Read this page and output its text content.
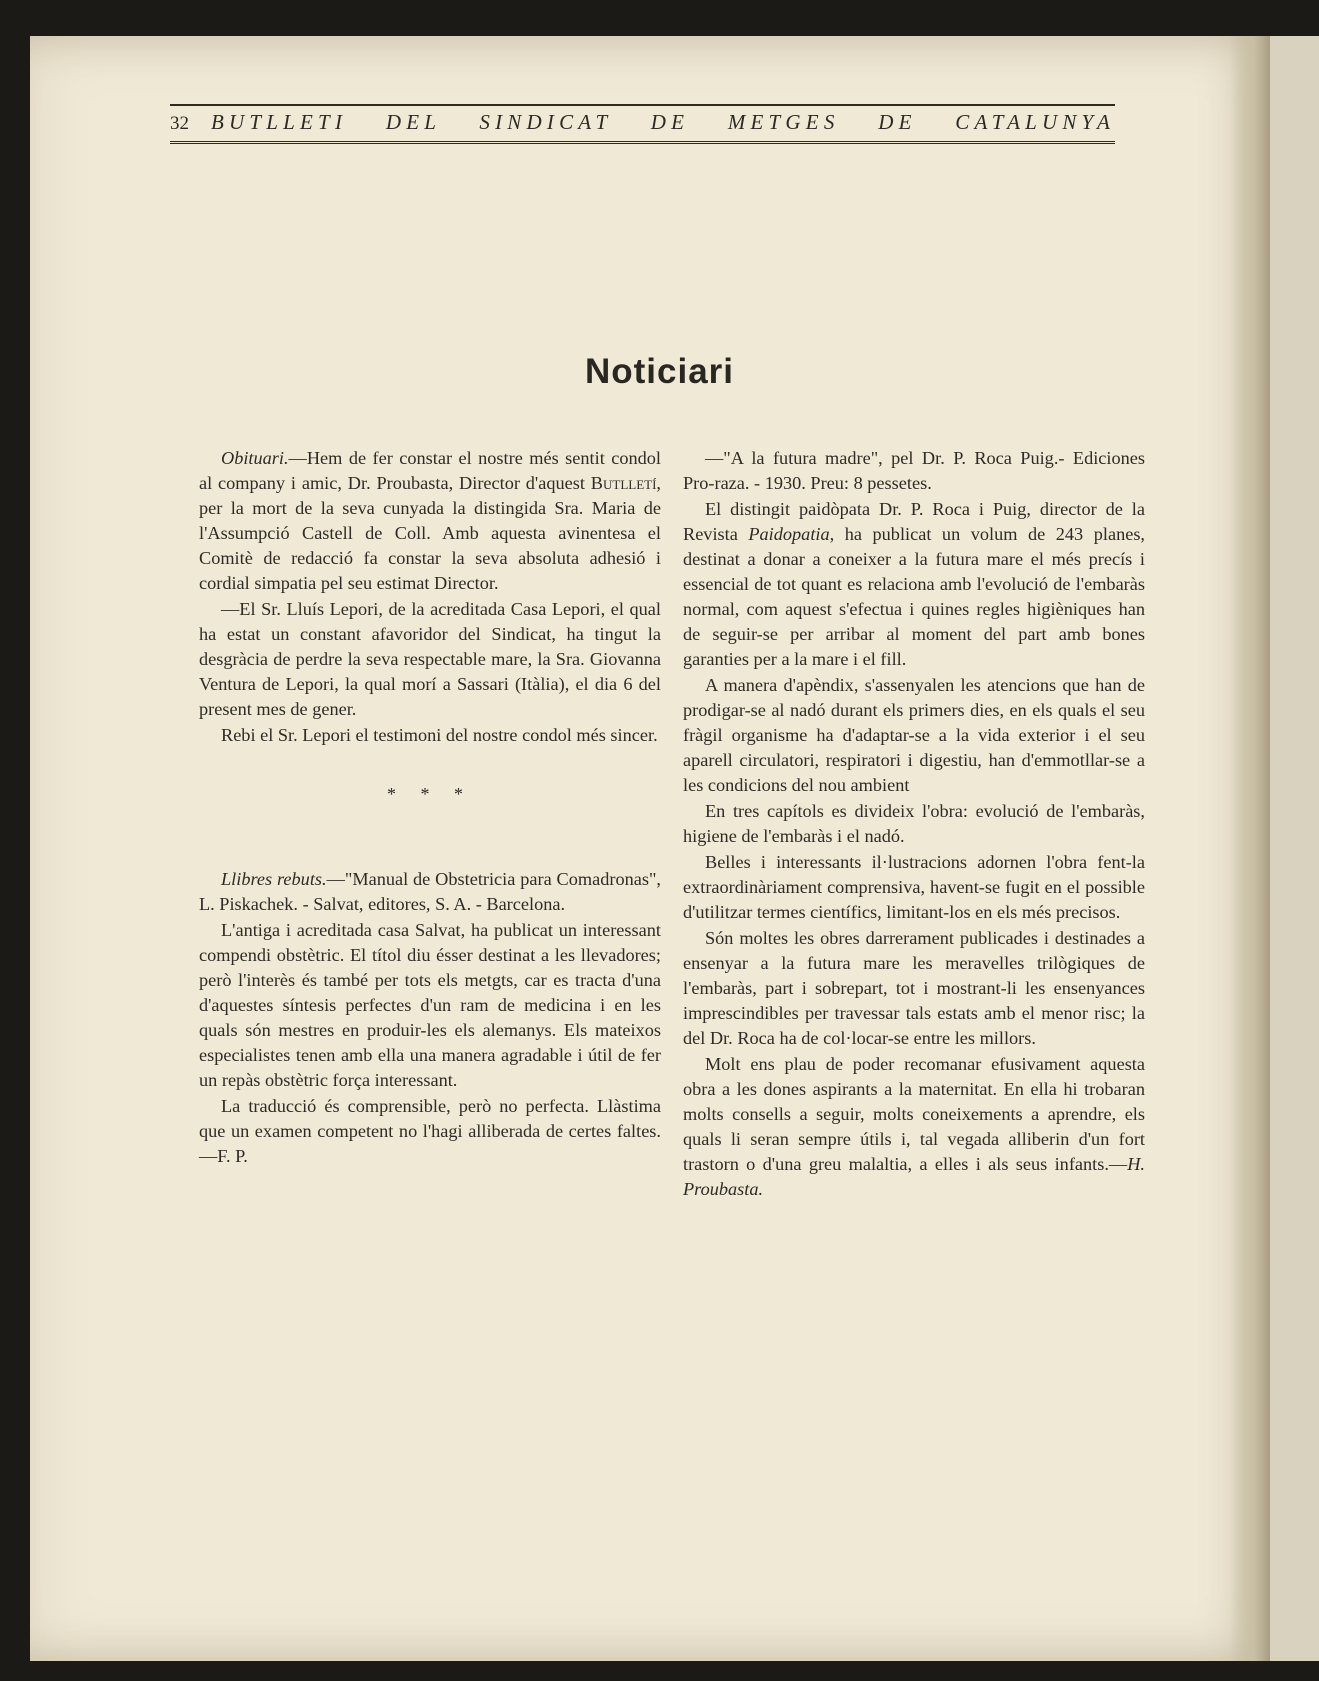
32 BUTLLETI DEL SINDICAT DE METGES DE CATALUNYA
Noticiari

Obituari.—Hem de fer constar el nostre més sentit condol al company i amic, Dr. Proubasta, Director d'aquest Butlletí, per la mort de la seva cunyada la distingida Sra. Maria de l'Assumpció Castell de Coll. Amb aquesta avinentesa el Comitè de redacció fa constar la seva absoluta adhesió i cordial simpatia pel seu estimat Director.

—El Sr. Lluís Lepori, de la acreditada Casa Lepori, el qual ha estat un constant afavoridor del Sindicat, ha tingut la desgràcia de perdre la seva respectable mare, la Sra. Giovanna Ventura de Lepori, la qual morí a Sassari (Itàlia), el dia 6 del present mes de gener.

Rebi el Sr. Lepori el testimoni del nostre condol més sincer.

* * *

Llibres rebuts.—"Manual de Obstetricia para Comadronas", L. Piskachek. - Salvat, editores, S. A. - Barcelona.

L'antiga i acreditada casa Salvat, ha publicat un interessant compendi obstètric. El títol diu ésser destinat a les llevadores; però l'interès és també per tots els metgts, car es tracta d'una d'aquestes síntesis perfectes d'un ram de medicina i en les quals són mestres en produir-les els alemanys. Els mateixos especialistes tenen amb ella una manera agradable i útil de fer un repàs obstètric força interessant.

La traducció és comprensible, però no perfecta. Llàstima que un examen competent no l'hagi alliberada de certes faltes.—F. P.

—"A la futura madre", pel Dr. P. Roca Puig.- Ediciones Pro-raza. - 1930. Preu: 8 pessetes.

El distingit paidòpata Dr. P. Roca i Puig, director de la Revista Paidopatia, ha publicat un volum de 243 planes, destinat a donar a coneixer a la futura mare el més precís i essencial de tot quant es relaciona amb l'evolució de l'embaràs normal, com aquest s'efectua i quines regles higièniques han de seguir-se per arribar al moment del part amb bones garanties per a la mare i el fill.

A manera d'apèndix, s'assenyalen les atencions que han de prodigar-se al nadó durant els primers dies, en els quals el seu fràgil organisme ha d'adaptar-se a la vida exterior i el seu aparell circulatori, respiratori i digestiu, han d'emmotllar-se a les condicions del nou ambient

En tres capítols es divideix l'obra: evolució de l'embaràs, higiene de l'embaràs i el nadó.

Belles i interessants il·lustracions adornen l'obra fent-la extraordinàriament comprensiva, havent-se fugit en el possible d'utilitzar termes científics, limitant-los en els més precisos.

Són moltes les obres darrerament publicades i destinades a ensenyar a la futura mare les meravelles trilògiques de l'embaràs, part i sobrepart, tot i mostrant-li les ensenyances imprescindibles per travessar tals estats amb el menor risc; la del Dr. Roca ha de col·locar-se entre les millors.

Molt ens plau de poder recomanar efusivament aquesta obra a les dones aspirants a la maternitat. En ella hi trobaran molts consells a seguir, molts coneixements a aprendre, els quals li seran sempre útils i, tal vegada alliberin d'un fort trastorn o d'una greu malaltia, a elles i als seus infants.—H. Proubasta.
